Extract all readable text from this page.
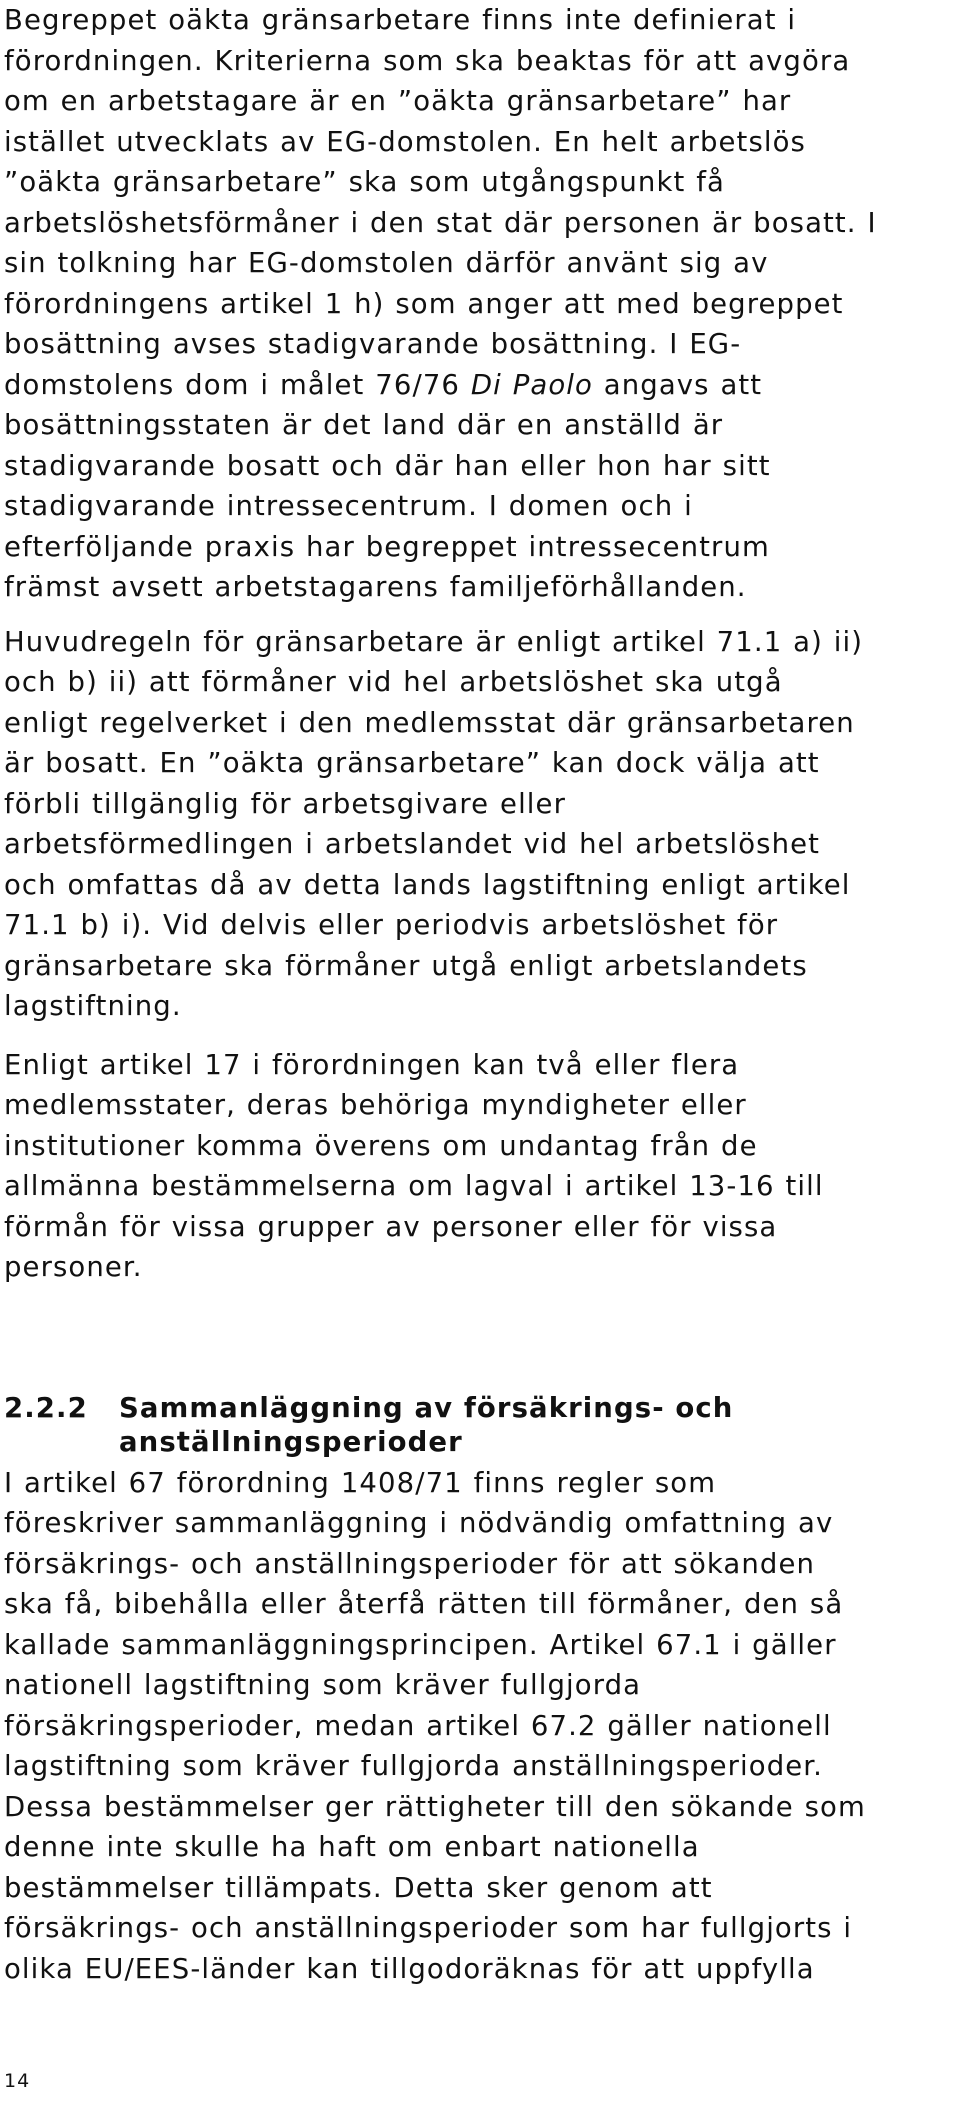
Begreppet oäkta gränsarbetare finns inte definierat i
förordningen. Kriterierna som ska beaktas för att avgöra
om en arbetstagare är en ”oäkta gränsarbetare” har
istället utvecklats av EG-domstolen. En helt arbetslös
”oäkta gränsarbetare” ska som utgångspunkt få
arbetslöshetsförmåner i den stat där personen är bosatt. I
sin tolkning har EG-domstolen därför använt sig av
förordningens artikel 1 h) som anger att med begreppet
bosättning avses stadigvarande bosättning. I EG-
domstolens dom i målet 76/76 Di Paolo angavs att
bosättningsstaten är det land där en anställd är
stadigvarande bosatt och där han eller hon har sitt
stadigvarande intressecentrum. I domen och i
efterföljande praxis har begreppet intressecentrum
främst avsett arbetstagarens familjeförhållanden.

Huvudregeln för gränsarbetare är enligt artikel 71.1 a) ii)
och b) ii) att förmåner vid hel arbetslöshet ska utgå
enligt regelverket i den medlemsstat där gränsarbetaren
är bosatt. En ”oäkta gränsarbetare” kan dock välja att
förbli tillgänglig för arbetsgivare eller
arbetsförmedlingen i arbetslandet vid hel arbetslöshet
och omfattas då av detta lands lagstiftning enligt artikel
71.1 b) i). Vid delvis eller periodvis arbetslöshet för
gränsarbetare ska förmåner utgå enligt arbetslandets
lagstiftning.

Enligt artikel 17 i förordningen kan två eller flera
medlemsstater, deras behöriga myndigheter eller
institutioner komma överens om undantag från de
allmänna bestämmelserna om lagval i artikel 13-16 till
förmån för vissa grupper av personer eller för vissa
personer.

2.2.2 Sammanläggning av försäkrings- och
anställningsperioder

I artikel 67 förordning 1408/71 finns regler som
föreskriver sammanläggning i nödvändig omfattning av
försäkrings- och anställningsperioder för att sökanden
ska få, bibehålla eller återfå rätten till förmåner, den så
kallade sammanläggningsprincipen. Artikel 67.1 i gäller
nationell lagstiftning som kräver fullgjorda
försäkringsperioder, medan artikel 67.2 gäller nationell
lagstiftning som kräver fullgjorda anställningsperioder.
Dessa bestämmelser ger rättigheter till den sökande som
denne inte skulle ha haft om enbart nationella
bestämmelser tillämpats. Detta sker genom att
försäkrings- och anställningsperioder som har fullgjorts i
olika EU/EES-länder kan tillgodoräknas för att uppfylla

14
